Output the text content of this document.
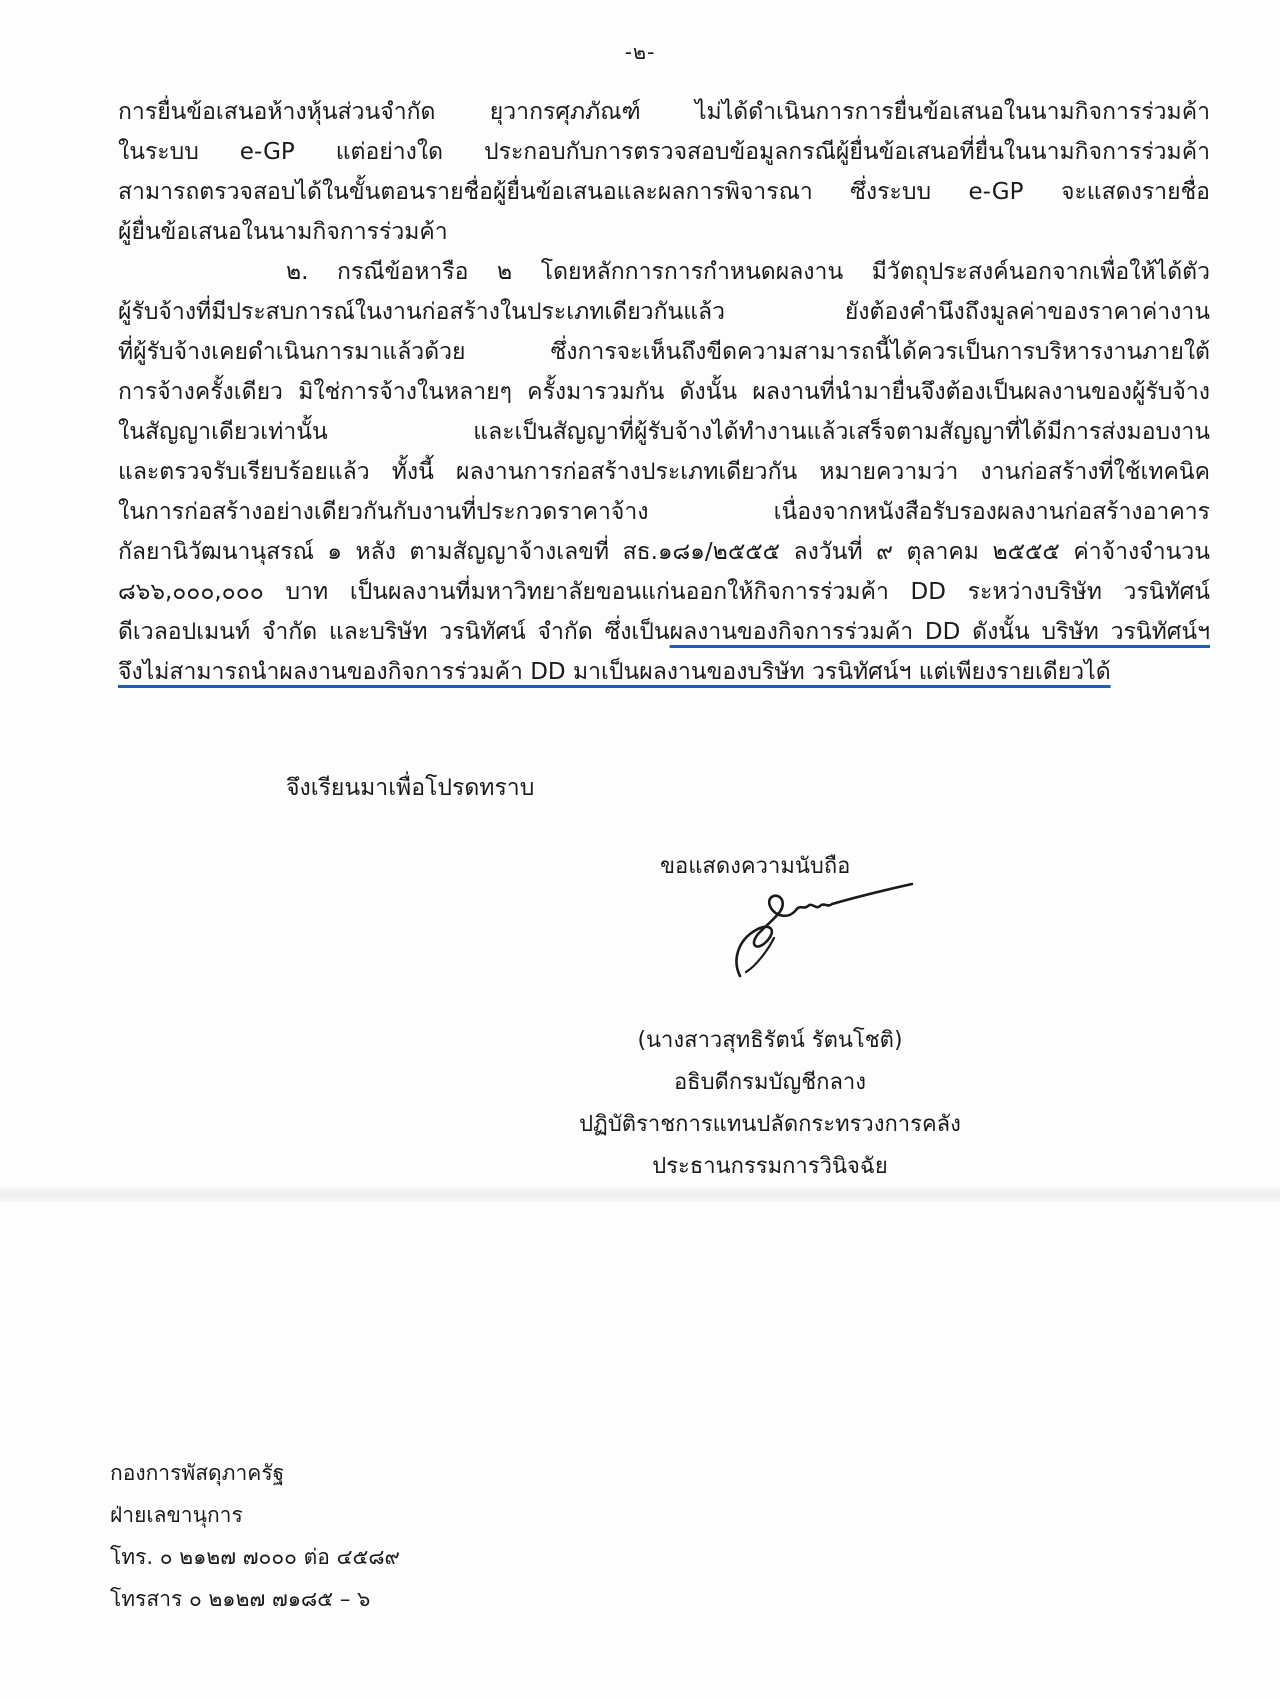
-๒-
การยื่นข้อเสนอห้างหุ้นส่วนจำกัด ยุวากรศุภภัณฑ์ ไม่ได้ดำเนินการการยื่นข้อเสนอในนามกิจการร่วมค้า
ในระบบ e-GP แต่อย่างใด ประกอบกับการตรวจสอบข้อมูลกรณีผู้ยื่นข้อเสนอที่ยื่นในนามกิจการร่วมค้า
สามารถตรวจสอบได้ในขั้นตอนรายชื่อผู้ยื่นข้อเสนอและผลการพิจารณา ซึ่งระบบ e-GP จะแสดงรายชื่อ
ผู้ยื่นข้อเสนอในนามกิจการร่วมค้า
๒. กรณีข้อหารือ ๒ โดยหลักการการกำหนดผลงาน มีวัตถุประสงค์นอกจากเพื่อให้ได้ตัว
ผู้รับจ้างที่มีประสบการณ์ในงานก่อสร้างในประเภทเดียวกันแล้ว ยังต้องคำนึงถึงมูลค่าของราคาค่างาน
ที่ผู้รับจ้างเคยดำเนินการมาแล้วด้วย ซึ่งการจะเห็นถึงขีดความสามารถนี้ได้ควรเป็นการบริหารงานภายใต้
การจ้างครั้งเดียว มิใช่การจ้างในหลายๆ ครั้งมารวมกัน ดังนั้น ผลงานที่นำมายื่นจึงต้องเป็นผลงานของผู้รับจ้าง
ในสัญญาเดียวเท่านั้น และเป็นสัญญาที่ผู้รับจ้างได้ทำงานแล้วเสร็จตามสัญญาที่ได้มีการส่งมอบงาน
และตรวจรับเรียบร้อยแล้ว ทั้งนี้ ผลงานการก่อสร้างประเภทเดียวกัน หมายความว่า งานก่อสร้างที่ใช้เทคนิค
ในการก่อสร้างอย่างเดียวกันกับงานที่ประกวดราคาจ้าง เนื่องจากหนังสือรับรองผลงานก่อสร้างอาคาร
กัลยานิวัฒนานุสรณ์ ๑ หลัง ตามสัญญาจ้างเลขที่ สธ.๑๘๑/๒๕๕๕ ลงวันที่ ๙ ตุลาคม ๒๕๕๕ ค่าจ้างจำนวน
๘๖๖,๐๐๐,๐๐๐ บาท เป็นผลงานที่มหาวิทยาลัยขอนแก่นออกให้กิจการร่วมค้า DD ระหว่างบริษัท วรนิทัศน์
ดีเวลอปเมนท์ จำกัด และบริษัท วรนิทัศน์ จำกัด ซึ่งเป็นผลงานของกิจการร่วมค้า DD ดังนั้น บริษัท วรนิทัศน์ฯ
จึงไม่สามารถนำผลงานของกิจการร่วมค้า DD มาเป็นผลงานของบริษัท วรนิทัศน์ฯ แต่เพียงรายเดียวได้
จึงเรียนมาเพื่อโปรดทราบ
ขอแสดงความนับถือ
(นางสาวสุทธิรัตน์ รัตนโชติ)
อธิบดีกรมบัญชีกลาง
ปฏิบัติราชการแทนปลัดกระทรวงการคลัง
ประธานกรรมการวินิจฉัย
กองการพัสดุภาครัฐ
ฝ่ายเลขานุการ
โทร. ๐ ๒๑๒๗ ๗๐๐๐ ต่อ ๔๕๘๙
โทรสาร ๐ ๒๑๒๗ ๗๑๘๕ – ๖
